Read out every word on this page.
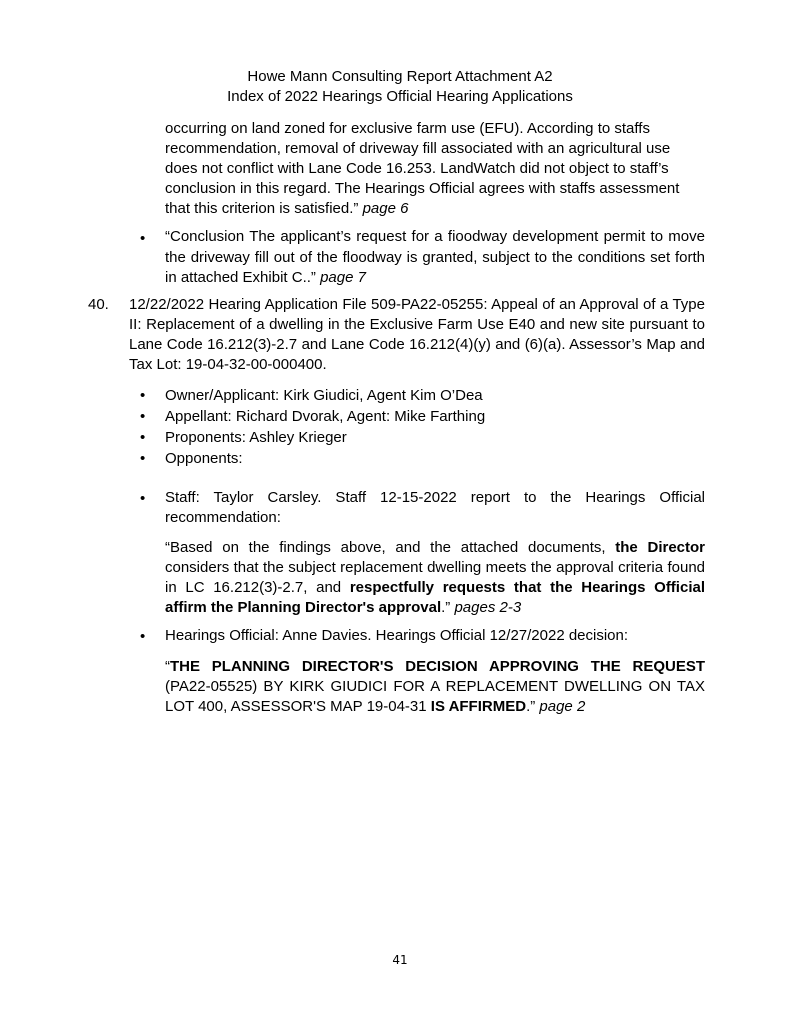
Howe Mann Consulting Report Attachment A2
Index of 2022 Hearings Official Hearing Applications
occurring on land zoned for exclusive farm use (EFU). According to staffs recommendation, removal of driveway fill associated with an agricultural use does not conflict with Lane Code 16.253. LandWatch did not object to staff’s conclusion in this regard. The Hearings Official agrees with staffs assessment that this criterion is satisfied.” page 6
• “Conclusion The applicant’s request for a fioodway development permit to move the driveway fill out of the floodway is granted, subject to the conditions set forth in attached Exhibit C..” page 7
40. 12/22/2022 Hearing Application File 509-PA22-05255: Appeal of an Approval of a Type II: Replacement of a dwelling in the Exclusive Farm Use E40 and new site pursuant to Lane Code 16.212(3)-2.7 and Lane Code 16.212(4)(y) and (6)(a). Assessor’s Map and Tax Lot: 19-04-32-00-000400.
• Owner/Applicant: Kirk Giudici, Agent Kim O’Dea
• Appellant: Richard Dvorak, Agent: Mike Farthing
• Proponents: Ashley Krieger
• Opponents:
• Staff: Taylor Carsley. Staff 12-15-2022 report to the Hearings Official recommendation:
“Based on the findings above, and the attached documents, the Director considers that the subject replacement dwelling meets the approval criteria found in LC 16.212(3)-2.7, and respectfully requests that the Hearings Official affirm the Planning Director's approval.” pages 2-3
• Hearings Official: Anne Davies. Hearings Official 12/27/2022 decision:
“THE PLANNING DIRECTOR'S DECISION APPROVING THE REQUEST (PA22-05525) BY KIRK GIUDICI FOR A REPLACEMENT DWELLING ON TAX LOT 400, ASSESSOR'S MAP 19-04-31 IS AFFIRMED.” page 2
41
